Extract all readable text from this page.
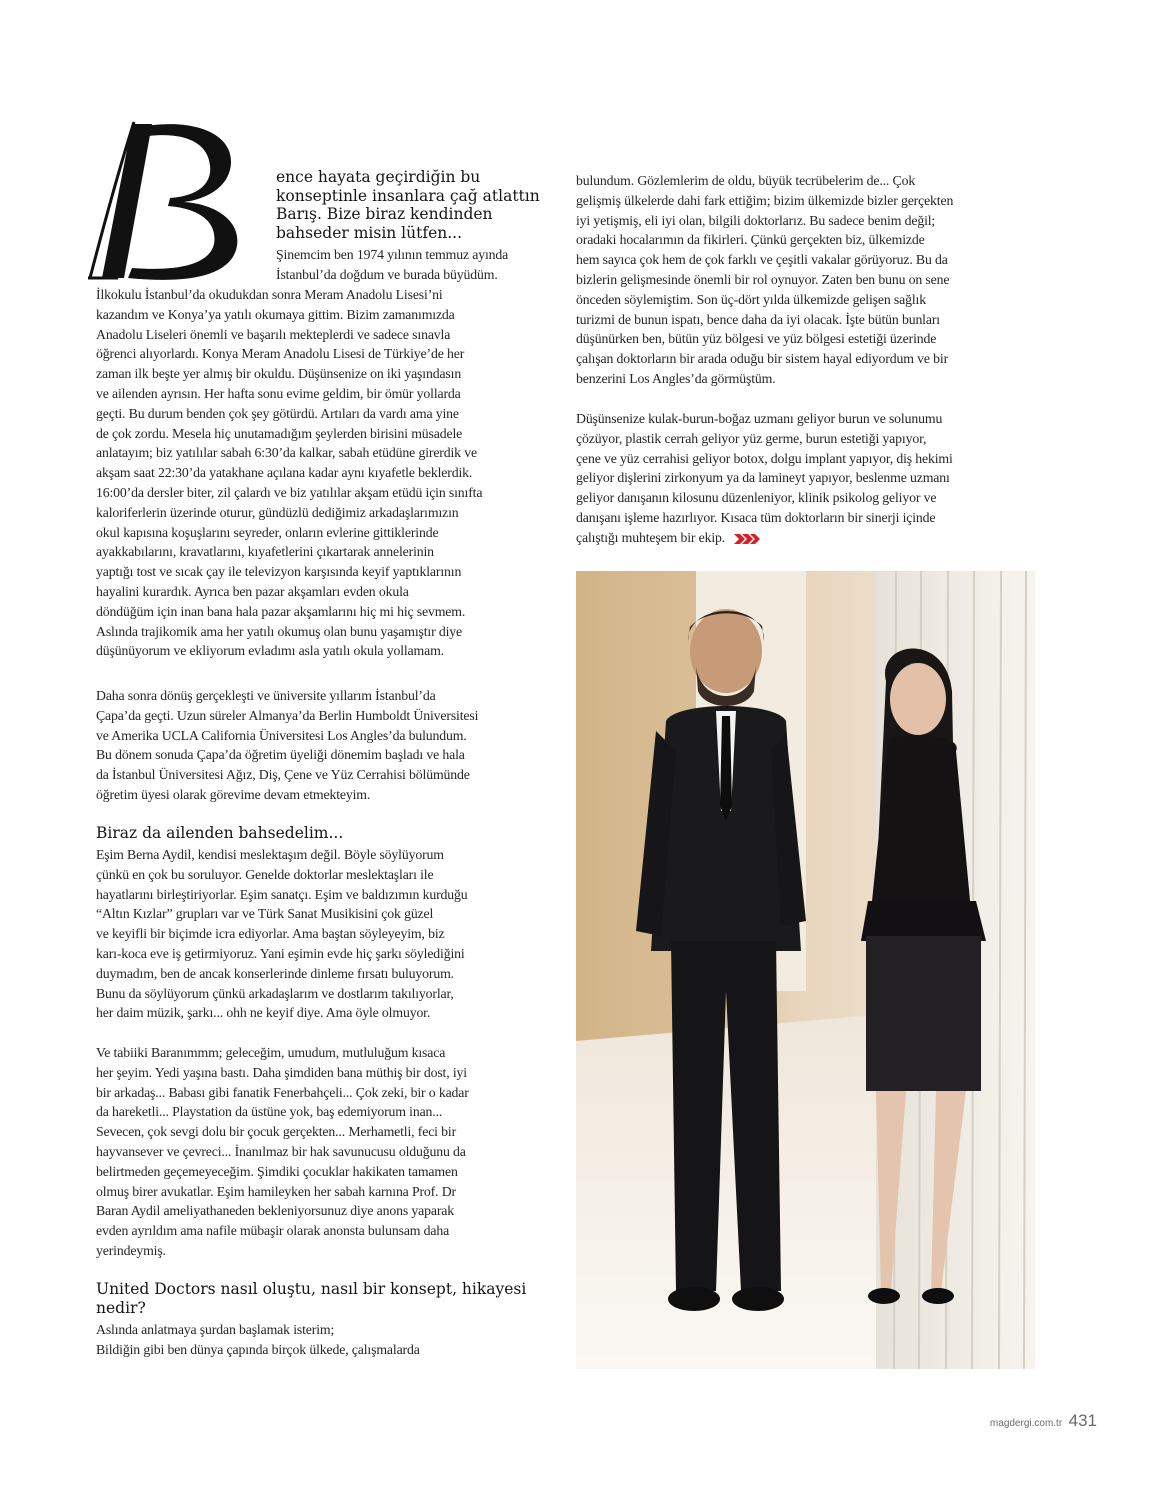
ence hayata geçirdiğin bu
konseptinle insanlara çağ atlattın
Barış. Bize biraz kendinden
bahseder misin lütfen...
Şinemcim ben 1974 yılının temmuz ayında
İstanbul’da doğdum ve burada büyüdüm.
İlkokulu İstanbul’da okudukdan sonra Meram Anadolu Lisesi’ni
kazandım ve Konya’ya yatılı okumaya gittim. Bizim zamanımızda
Anadolu Liseleri önemli ve başarılı mekteplerdi ve sadece sınavla
öğrenci alıyorlardı. Konya Meram Anadolu Lisesi de Türkiye’de her
zaman ilk beşte yer almış bir okuldu. Düşünsenize on iki yaşındasın
ve ailenden ayrısın. Her hafta sonu evime geldim, bir ömür yollarda
geçti. Bu durum benden çok şey götürdü. Artıları da vardı ama yine
de çok zordu. Mesela hiç unutamadığım şeylerden birisini müsadele
anlatayım; biz yatılılar sabah 6:30’da kalkar, sabah etüdüne girerdik ve
akşam saat 22:30’da yatakhane açılana kadar aynı kıyafetle beklerdik.
16:00’da dersler biter, zil çalardı ve biz yatılılar akşam etüdü için sınıfta
kaloriferlerin üzerinde oturur, gündüzlü dediğimiz arkadaşlarımızın
okul kapısına koşuşlarını seyreder, onların evlerine gittiklerinde
ayakkabılarını, kravatlarını, kıyafetlerini çıkartarak annelerinin
yaptığı tost ve sıcak çay ile televizyon karşısında keyif yaptıklarının
hayalini kurardık. Ayrıca ben pazar akşamları evden okula
döndüğüm için inan bana hala pazar akşamlarını hiç mi hiç sevmem.
Aslında trajikomik ama her yatılı okumuş olan bunu yaşamıştır diye
düşünüyorum ve ekliyorum evladımı asla yatılı okula yollamam.
Daha sonra dönüş gerçekleşti ve üniversite yıllarım İstanbul’da
Çapa’da geçti. Uzun süreler Almanya’da Berlin Humboldt Üniversitesi
ve Amerika UCLA California Üniversitesi Los Angles’da bulundum.
Bu dönem sonuda Çapa’da öğretim üyeliği dönemim başladı ve hala
da İstanbul Üniversitesi Ağız, Diş, Çene ve Yüz Cerrahisi bölümünde
öğretim üyesi olarak görevime devam etmekteyim.
Biraz da ailenden bahsedelim...
Eşim Berna Aydil, kendisi meslektaşım değil. Böyle söylüyorum
çünkü en çok bu soruluyor. Genelde doktorlar meslektaşları ile
hayatlarını birleştiriyorlar. Eşim sanatçı. Eşim ve baldızımın kurduğu
“Altın Kızlar” grupları var ve Türk Sanat Musikisini çok güzel
ve keyifli bir biçimde icra ediyorlar. Ama baştan söyleyeyim, biz
karı-koca eve iş getirmiyoruz. Yani eşimin evde hiç şarkı söylediğini
duymadım, ben de ancak konserlerinde dinleme fırsatı buluyorum.
Bunu da söylüyorum çünkü arkadaşlarım ve dostlarım takılıyorlar,
her daim müzik, şarkı... ohh ne keyif diye. Ama öyle olmuyor.
Ve tabiiki Baranımmm; geleceğim, umudum, mutluluğum kısaca
her şeyim. Yedi yaşına bastı. Daha şimdiden bana müthiş bir dost, iyi
bir arkadaş... Babası gibi fanatik Fenerbahçeli... Çok zeki, bir o kadar
da hareketli... Playstation da üstüne yok, baş edemiyorum inan...
Sevecen, çok sevgi dolu bir çocuk gerçekten... Merhametli, feci bir
hayvansever ve çevreci... İnanılmaz bir hak savunucusu olduğunu da
belirtmeden geçemeyeceğim. Şimdiki çocuklar hakikaten tamamen
olmuş birer avukatlar. Eşim hamileyken her sabah karnına Prof. Dr
Baran Aydil ameliyathaneden bekleniyorsunuz diye anons yaparak
evden ayrıldım ama nafile mübaşir olarak anonsta bulunsam daha
yerindeymiş.
United Doctors nasıl oluştu, nasıl bir konsept, hikayesi
nedir?
Aslında anlatmaya şurdan başlamak isterim;
Bildiğin gibi ben dünya çapında birçok ülkede, çalışmalarda
bulundum. Gözlemlerim de oldu, büyük tecrübelerim de... Çok
gelişmiş ülkelerde dahi fark ettiğim; bizim ülkemizde bizler gerçekten
iyi yetişmiş, eli iyi olan, bilgili doktorlarız. Bu sadece benim değil;
oradaki hocalarımın da fikirleri. Çünkü gerçekten biz, ülkemizde
hem sayıca çok hem de çok farklı ve çeşitli vakalar görüyoruz. Bu da
bizlerin gelişmesinde önemli bir rol oynuyor. Zaten ben bunu on sene
önceden söylemiştim. Son üç-dört yılda ülkemizde gelişen sağlık
turizmi de bunun ispatı, bence daha da iyi olacak. İşte bütün bunları
düşünürken ben, bütün yüz bölgesi ve yüz bölgesi estetiği üzerinde
çalışan doktorların bir arada oduğu bir sistem hayal ediyordum ve bir
benzerini Los Angles’da görmüştüm.
Düşünsenize kulak-burun-boğaz uzmanı geliyor burun ve solunumu
çözüyor, plastik cerrah geliyor yüz germe, burun estetiği yapıyor,
çene ve yüz cerrahisi geliyor botox, dolgu implant yapıyor, diş hekimi
geliyor dişlerini zirkonyum ya da lamineyt yapıyor, beslenme uzmanı
geliyor danışanın kilosunu düzenleniyor, klinik psikolog geliyor ve
danışanı işleme hazırlıyor. Kısaca tüm doktorların bir sinerji içinde
çalıştığı muhteşem bir ekip.
magdergi.com.tr 431
